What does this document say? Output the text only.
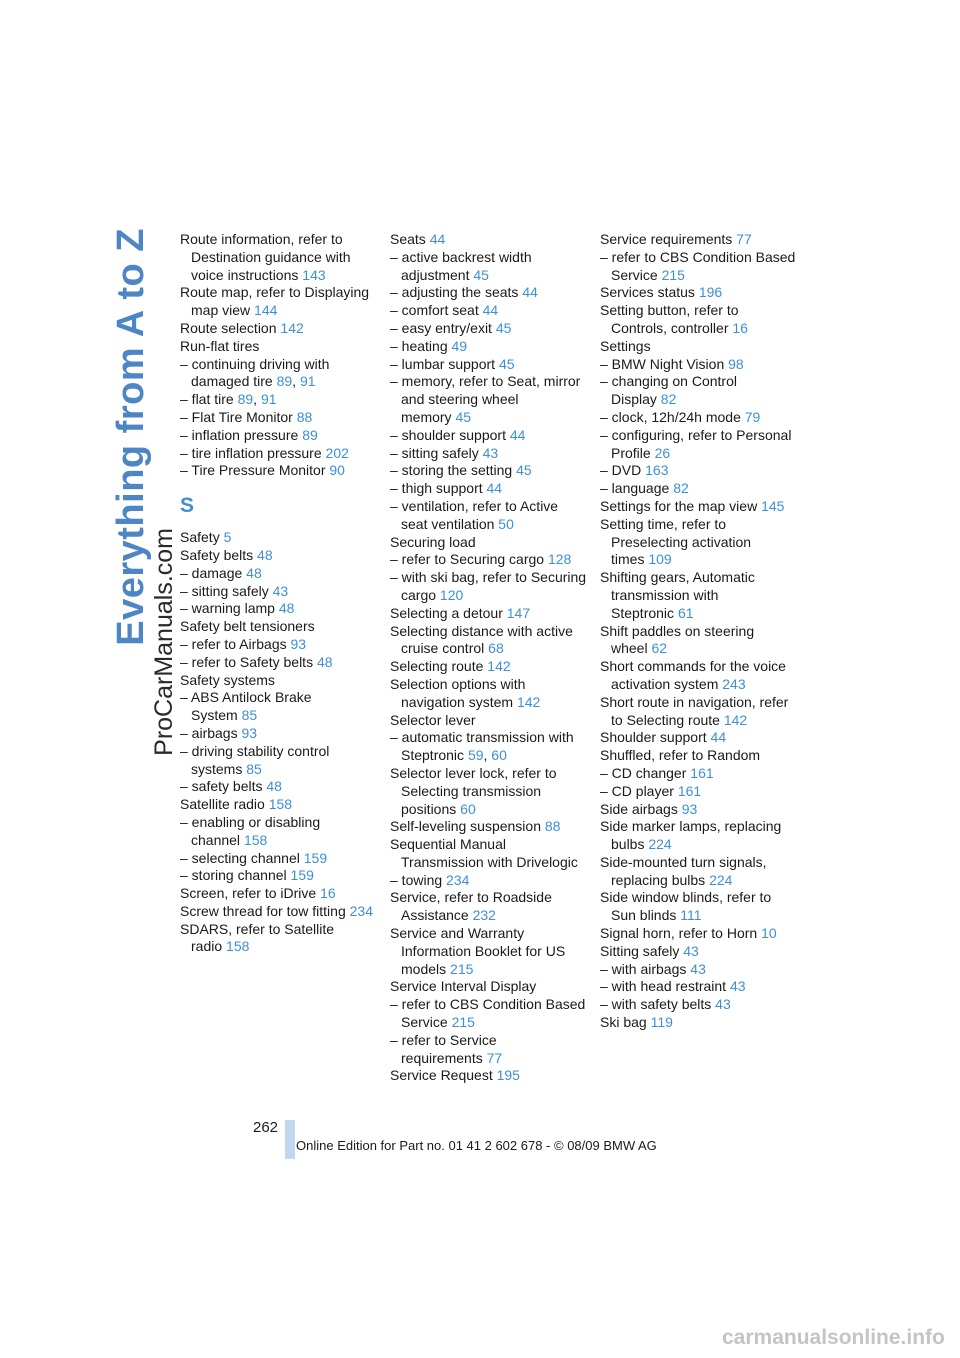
Everything from A to Z
ProCarManuals.com
Route information, refer to Destination guidance with voice instructions 143
Route map, refer to Displaying map view 144
Route selection 142
Run-flat tires
– continuing driving with damaged tire 89, 91
– flat tire 89, 91
– Flat Tire Monitor 88
– inflation pressure 89
– tire inflation pressure 202
– Tire Pressure Monitor 90
S
Safety 5
Safety belts 48
– damage 48
– sitting safely 43
– warning lamp 48
Safety belt tensioners
– refer to Airbags 93
– refer to Safety belts 48
Safety systems
– ABS Antilock Brake System 85
– airbags 93
– driving stability control systems 85
– safety belts 48
Satellite radio 158
– enabling or disabling channel 158
– selecting channel 159
– storing channel 159
Screen, refer to iDrive 16
Screw thread for tow fitting 234
SDARS, refer to Satellite radio 158
Seats 44
– active backrest width adjustment 45
– adjusting the seats 44
– comfort seat 44
– easy entry/exit 45
– heating 49
– lumbar support 45
– memory, refer to Seat, mirror and steering wheel memory 45
– shoulder support 44
– sitting safely 43
– storing the setting 45
– thigh support 44
– ventilation, refer to Active seat ventilation 50
Securing load
– refer to Securing cargo 128
– with ski bag, refer to Securing cargo 120
Selecting a detour 147
Selecting distance with active cruise control 68
Selecting route 142
Selection options with navigation system 142
Selector lever
– automatic transmission with Steptronic 59, 60
Selector lever lock, refer to Selecting transmission positions 60
Self-leveling suspension 88
Sequential Manual Transmission with Drivelogic
– towing 234
Service, refer to Roadside Assistance 232
Service and Warranty Information Booklet for US models 215
Service Interval Display
– refer to CBS Condition Based Service 215
– refer to Service requirements 77
Service Request 195
Service requirements 77
– refer to CBS Condition Based Service 215
Services status 196
Setting button, refer to Controls, controller 16
Settings
– BMW Night Vision 98
– changing on Control Display 82
– clock, 12h/24h mode 79
– configuring, refer to Personal Profile 26
– DVD 163
– language 82
Settings for the map view 145
Setting time, refer to Preselecting activation times 109
Shifting gears, Automatic transmission with Steptronic 61
Shift paddles on steering wheel 62
Short commands for the voice activation system 243
Short route in navigation, refer to Selecting route 142
Shoulder support 44
Shuffled, refer to Random
– CD changer 161
– CD player 161
Side airbags 93
Side marker lamps, replacing bulbs 224
Side-mounted turn signals, replacing bulbs 224
Side window blinds, refer to Sun blinds 111
Signal horn, refer to Horn 10
Sitting safely 43
– with airbags 43
– with head restraint 43
– with safety belts 43
Ski bag 119
262
Online Edition for Part no. 01 41 2 602 678 - © 08/09 BMW AG
carmanualsonline.info
